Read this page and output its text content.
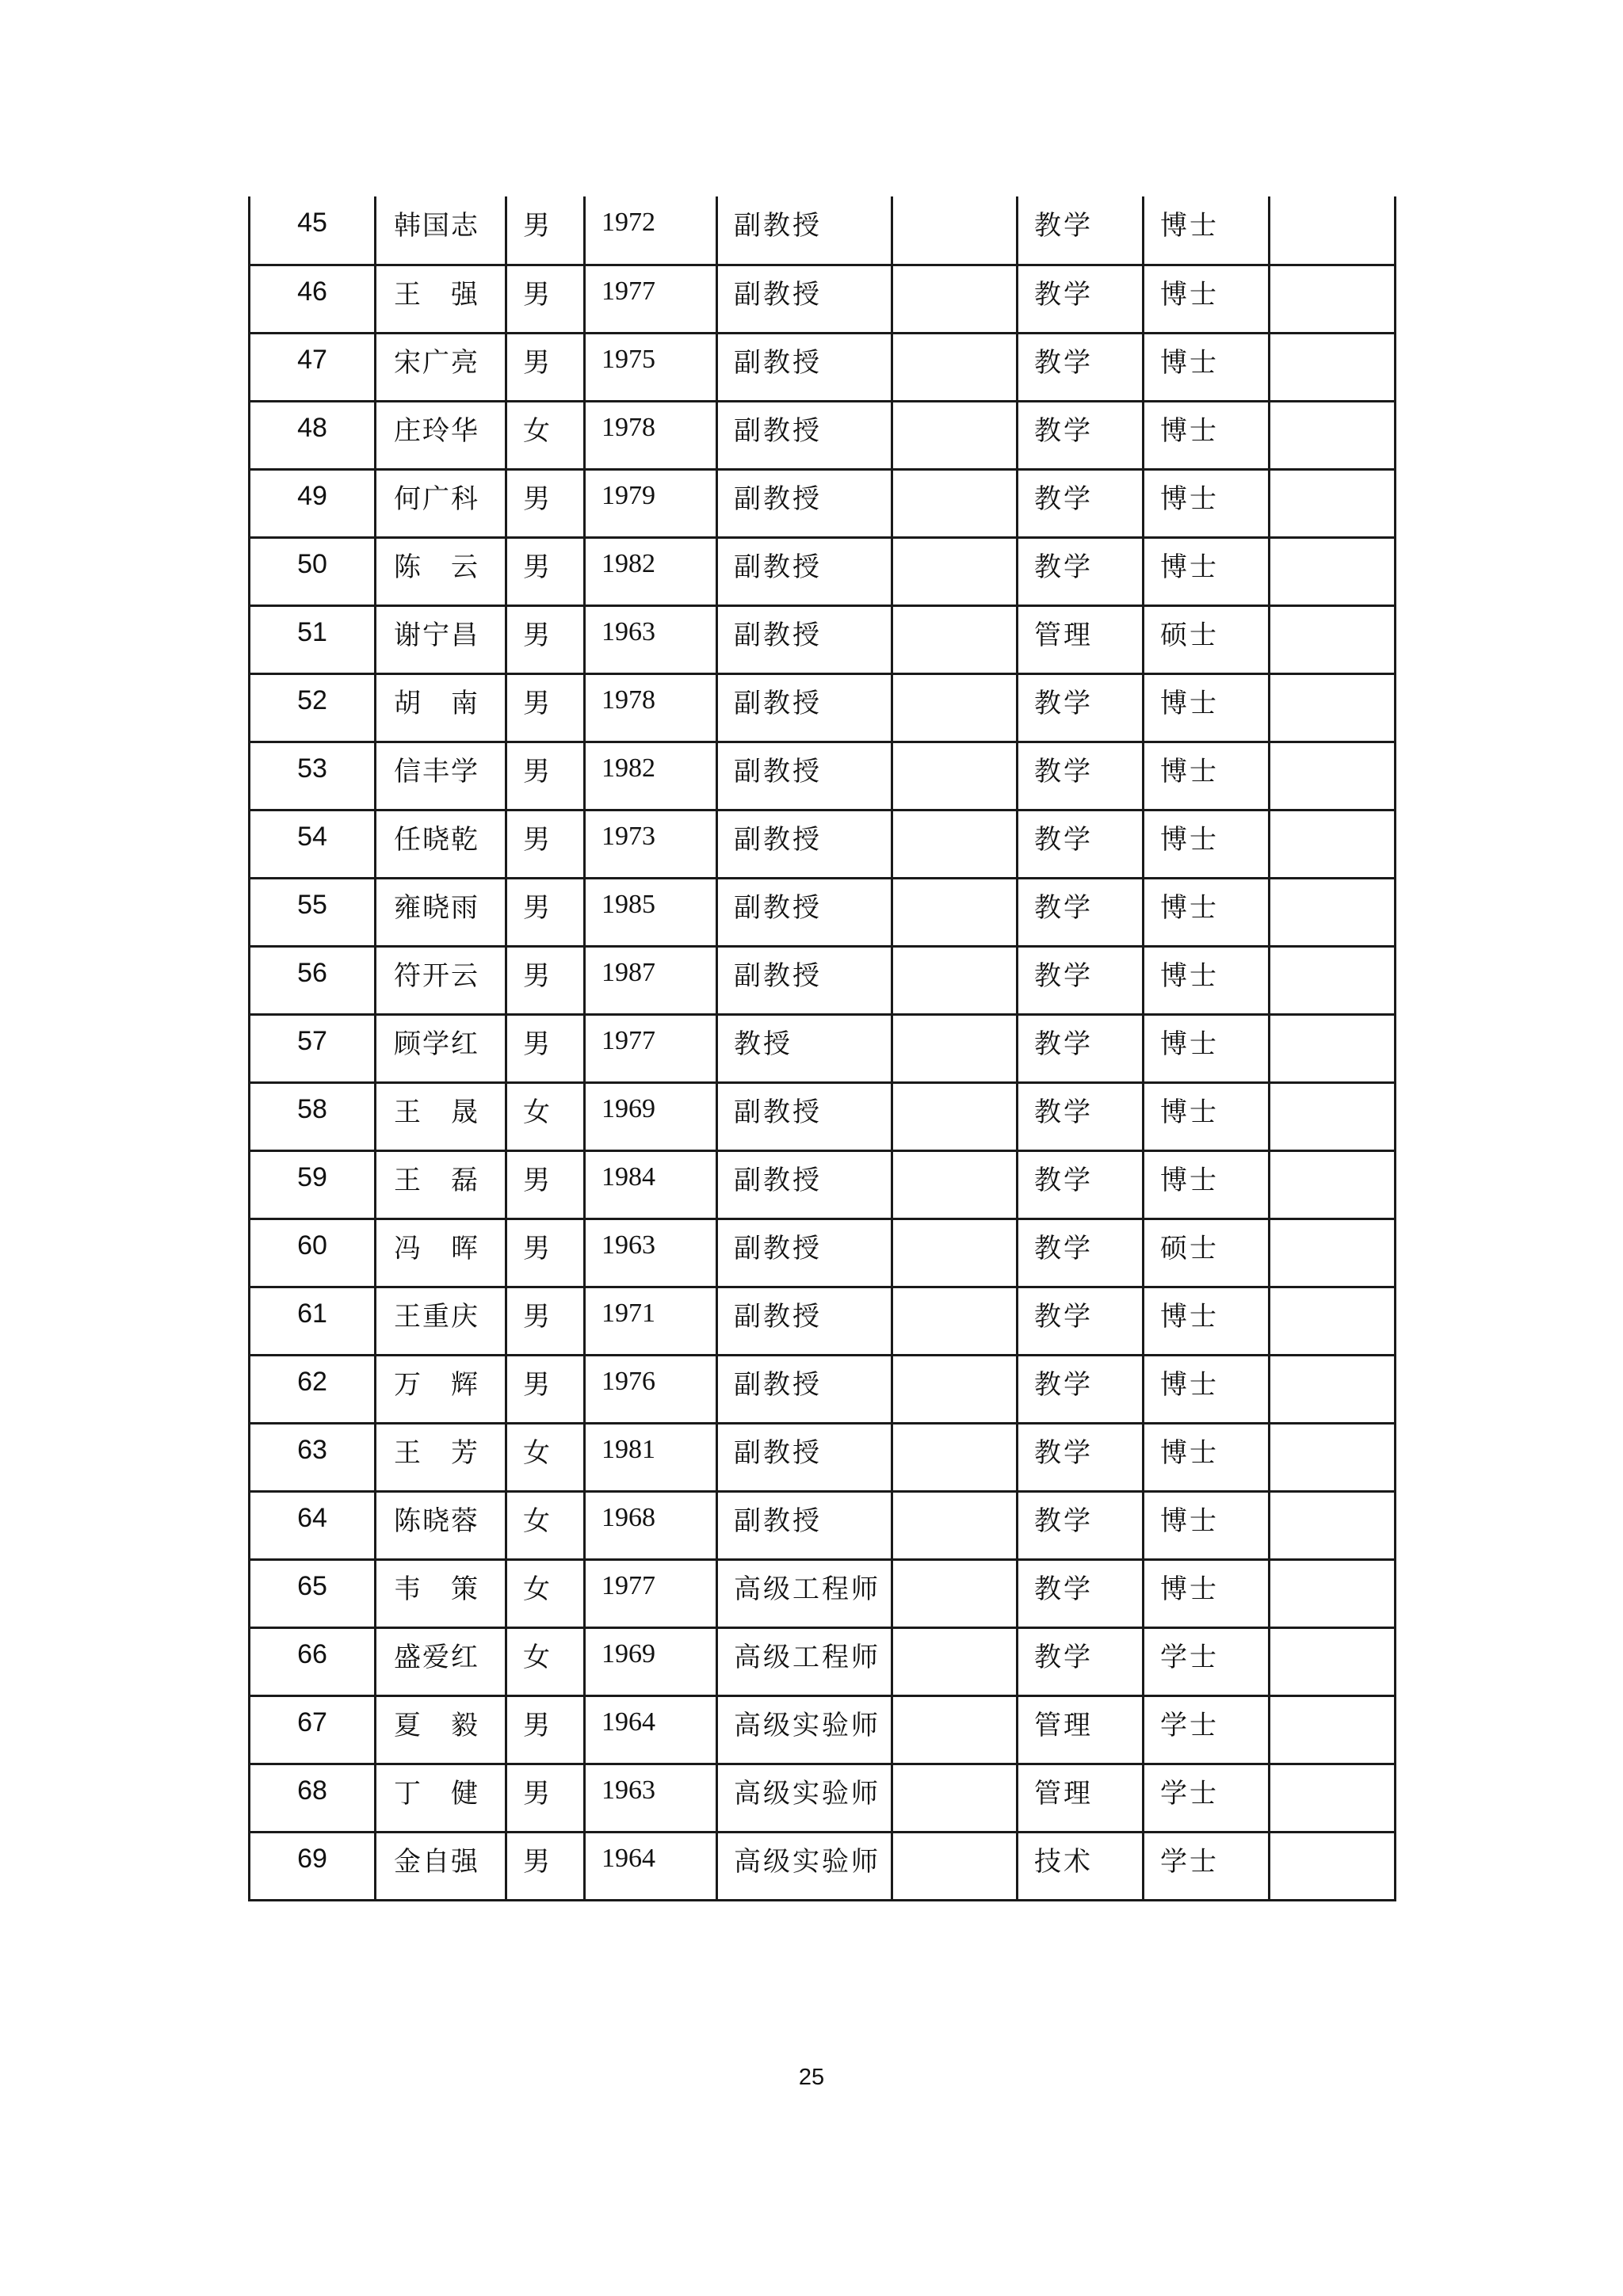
45	韩国志	男	1972	副教授		教学	博士	
46	王强	男	1977	副教授		教学	博士	
47	宋广亮	男	1975	副教授		教学	博士	
48	庄玲华	女	1978	副教授		教学	博士	
49	何广科	男	1979	副教授		教学	博士	
50	陈云	男	1982	副教授		教学	博士	
51	谢宁昌	男	1963	副教授		管理	硕士	
52	胡南	男	1978	副教授		教学	博士	
53	信丰学	男	1982	副教授		教学	博士	
54	任晓乾	男	1973	副教授		教学	博士	
55	雍晓雨	男	1985	副教授		教学	博士	
56	符开云	男	1987	副教授		教学	博士	
57	顾学红	男	1977	教授		教学	博士	
58	王晟	女	1969	副教授		教学	博士	
59	王磊	男	1984	副教授		教学	博士	
60	冯晖	男	1963	副教授		教学	硕士	
61	王重庆	男	1971	副教授		教学	博士	
62	万辉	男	1976	副教授		教学	博士	
63	王芳	女	1981	副教授		教学	博士	
64	陈晓蓉	女	1968	副教授		教学	博士	
65	韦策	女	1977	高级工程师		教学	博士	
66	盛爱红	女	1969	高级工程师		教学	学士	
67	夏毅	男	1964	高级实验师		管理	学士	
68	丁健	男	1963	高级实验师		管理	学士	
69	金自强	男	1964	高级实验师		技术	学士	
25
